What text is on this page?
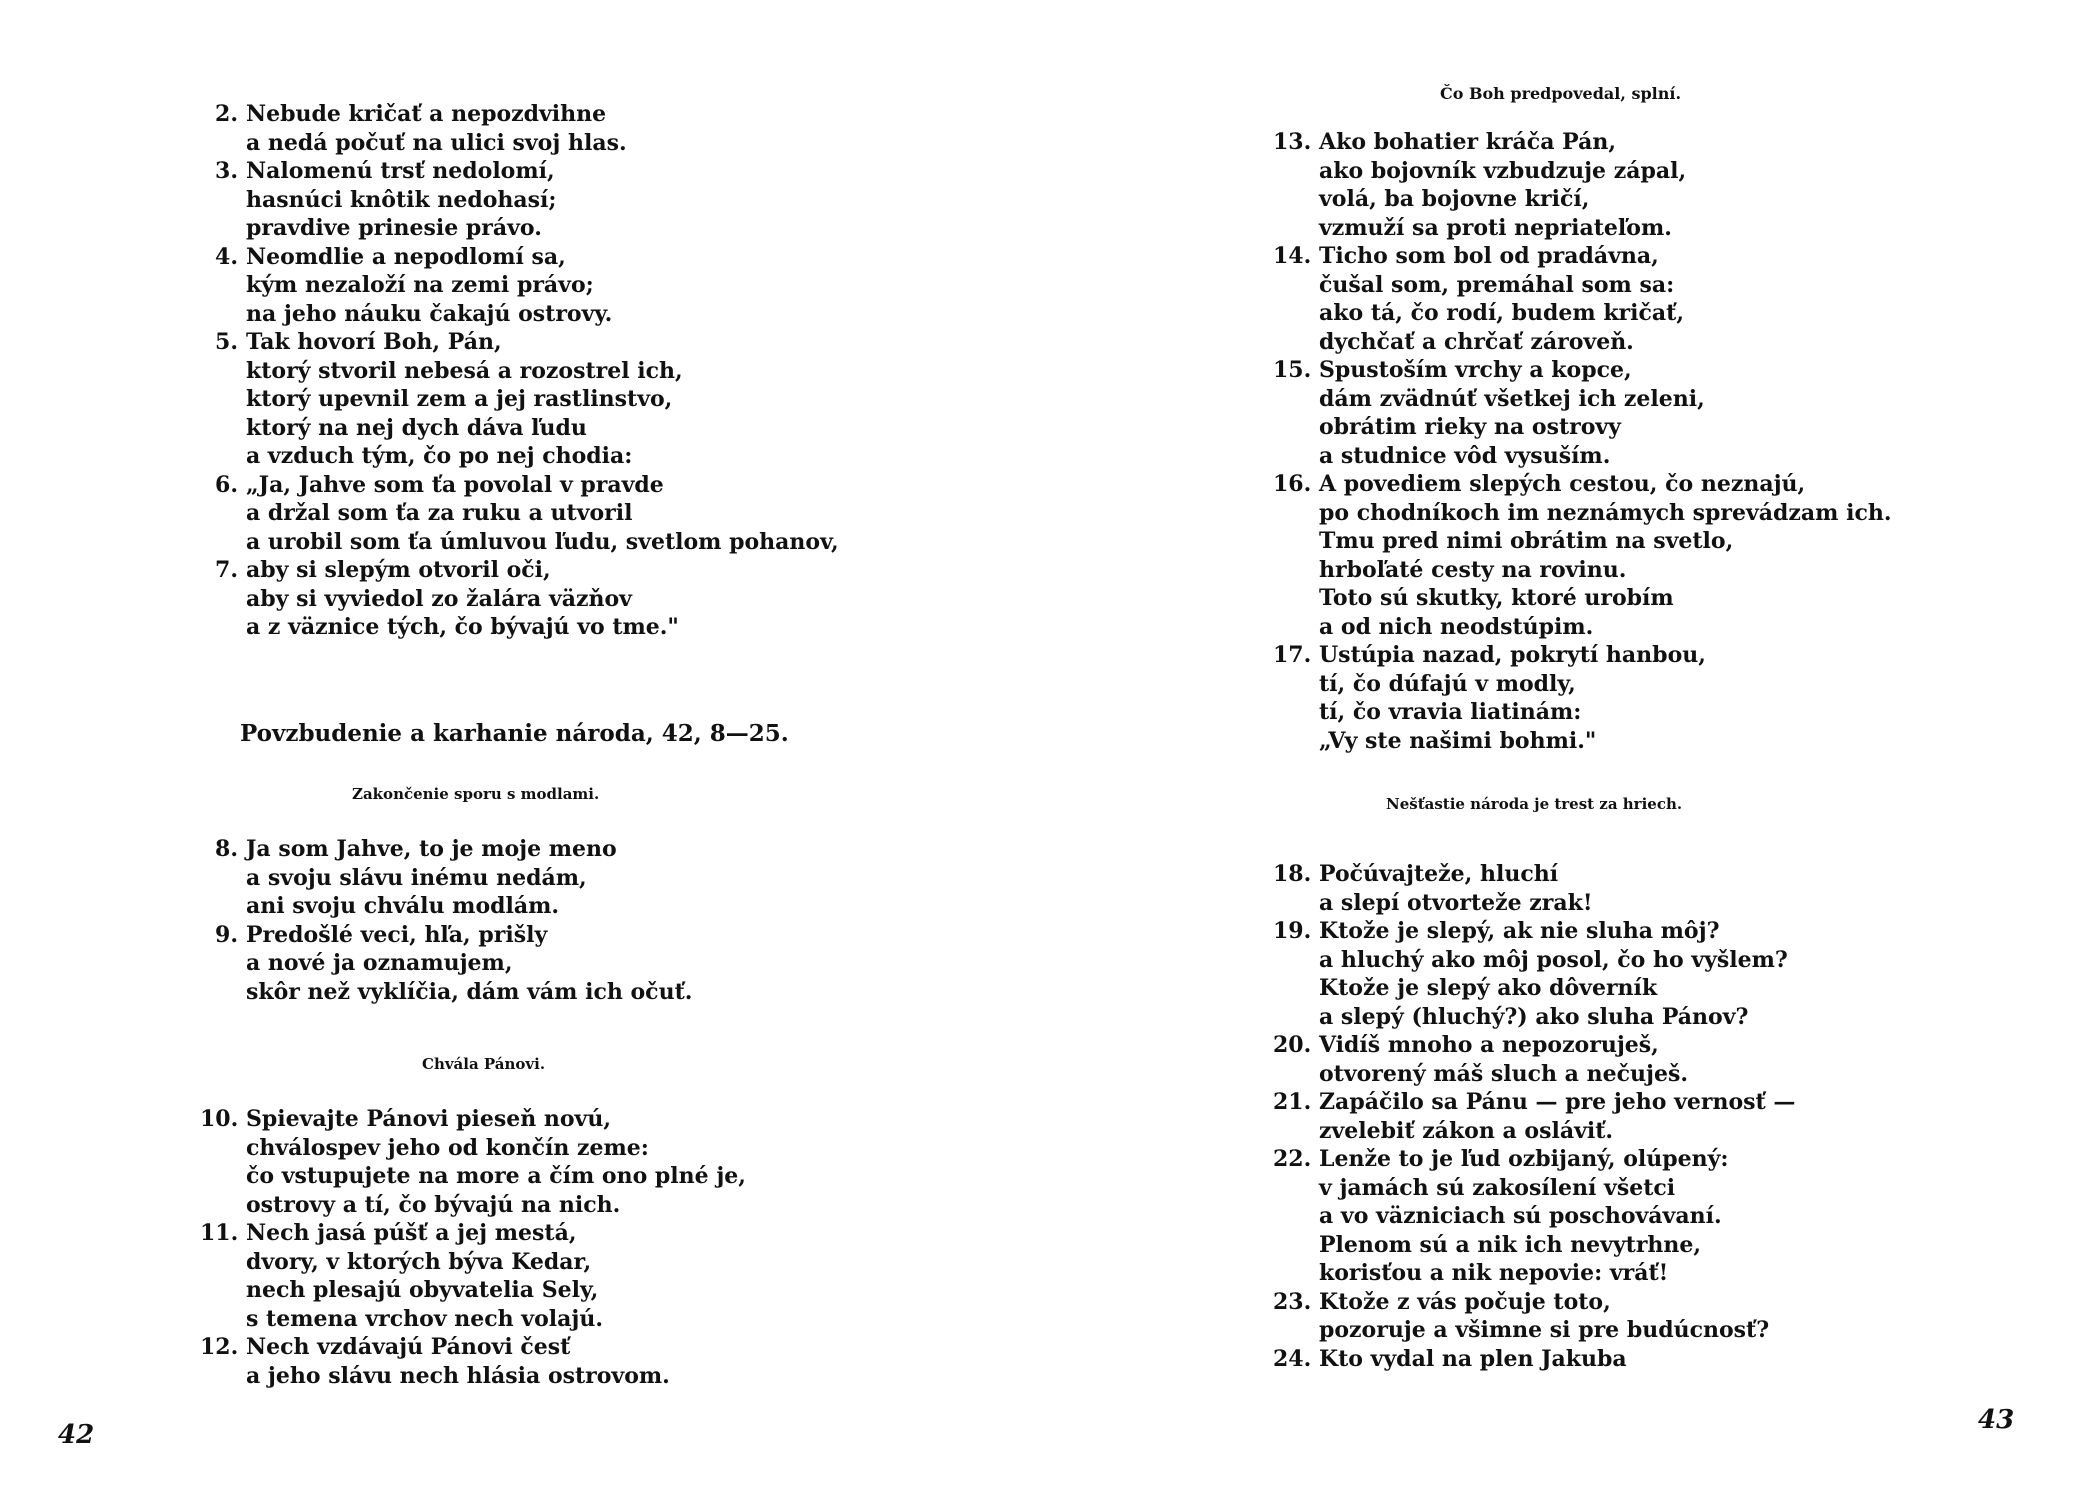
2. Nebude kričať a nepozdvihne
a nedá počuť na ulici svoj hlas.
3. Nalomenú trsť nedolomí,
hasnúci knôtik nedohasí;
pravdive prinesie právo.
4. Neomdlie a nepodlomí sa,
kým nezaloží na zemi právo;
na jeho náuku čakajú ostrovy.
5. Tak hovorí Boh, Pán,
ktorý stvoril nebesá a rozostrel ich,
ktorý upevnil zem a jej rastlinstvo,
ktorý na nej dych dáva ľudu
a vzduch tým, čo po nej chodia:
6. „Ja, Jahve som ťa povolal v pravde
a držal som ťa za ruku a utvoril
a urobil som ťa úmluvou ľudu, svetlom pohanov,
7. aby si slepým otvoril oči,
aby si vyviedol zo žalára väzňov
a z väznice tých, čo bývajú vo tme."
Povzbudenie a karhanie národa, 42, 8—25.
Zakončenie sporu s modlami.
8. Ja som Jahve, to je moje meno
a svoju slávu inému nedám,
ani svoju chválu modlám.
9. Predošlé veci, hľa, prišly
a nové ja oznamujem,
skôr než vyklíčia, dám vám ich očuť.
Chvála Pánovi.
10. Spievajte Pánovi pieseň novú,
chválospev jeho od končín zeme:
čo vstupujete na more a čím ono plné je,
ostrovy a tí, čo bývajú na nich.
11. Nech jasá púšť a jej mestá,
dvory, v ktorých býva Kedar,
nech plesajú obyvatelia Sely,
s temena vrchov nech volajú.
12. Nech vzdávajú Pánovi česť
a jeho slávu nech hlásia ostrovom.
42
Čo Boh predpovedal, splní.
13. Ako bohatier kráča Pán,
ako bojovník vzbudzuje zápal,
volá, ba bojovne kričí,
vzmuží sa proti nepriateľom.
14. Ticho som bol od pradávna,
čušal som, premáhal som sa:
ako tá, čo rodí, budem kričať,
dychčať a chrčať zároveň.
15. Spustoším vrchy a kopce,
dám zvädnúť všetkej ich zeleni,
obrátim rieky na ostrovy
a studnice vôd vysuším.
16. A povediem slepých cestou, čo neznajú,
po chodníkoch im neznámych sprevádzam ich.
Tmu pred nimi obrátim na svetlo,
hrboľaté cesty na rovinu.
Toto sú skutky, ktoré urobím
a od nich neodstúpim.
17. Ustúpia nazad, pokrytí hanbou,
tí, čo dúfajú v modly,
tí, čo vravia liatinám:
„Vy ste našimi bohmi."
Nešťastie národa je trest za hriech.
18. Počúvajteže, hluchí
a slepí otvorteže zrak!
19. Ktože je slepý, ak nie sluha môj?
a hluchý ako môj posol, čo ho vyšlem?
Ktože je slepý ako dôverník
a slepý (hluchý?) ako sluha Pánov?
20. Vidíš mnoho a nepozoruješ,
otvorený máš sluch a nečuješ.
21. Zapáčilo sa Pánu — pre jeho vernosť —
zvelebiť zákon a osláviť.
22. Lenže to je ľud ozbijaný, olúpený:
v jamách sú zakosílení všetci
a vo väzniciach sú poschovávaní.
Plenom sú a nik ich nevytrhne,
korisťou a nik nepovie: vráť!
23. Ktože z vás počuje toto,
pozoruje a všimne si pre budúcnosť?
24. Kto vydal na plen Jakuba
43
